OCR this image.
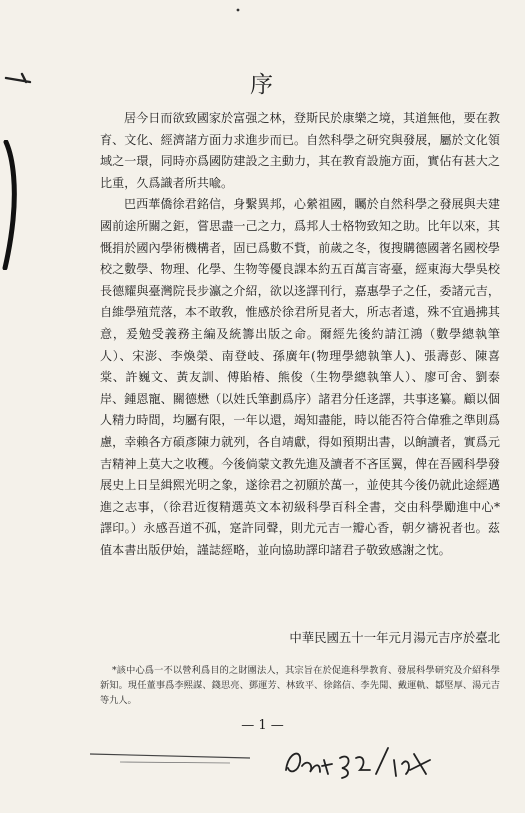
序

居今日而欲致國家於富强之林，登斯民於康樂之境，其道無他，要在教育、文化、經濟諸方面力求進步而已。自然科學之研究與發展，屬於文化領域之一環，同時亦爲國防建設之主動力，其在教育設施方面，實佔有甚大之比重，久爲識者所共喩。

巴西華僑徐君銘信，身繫異邦，心縈祖國，矚於自然科學之發展與夫建國前途所關之鉅，嘗思盡一己之力，爲邦人士格物致知之助。比年以來，其慨捐於國內學術機構者，固已爲數不貲，前歲之冬，復搜購德國著名國校學校之數學、物理、化學、生物等優良課本約五百萬言寄臺，經東海大學吳校長德耀與臺灣院長步瀛之介紹，欲以迻譯刊行，嘉惠學子之任，委諸元吉，自維學殖荒落，本不敢敎，惟感於徐君所見者大，所志者遠，殊不宜過拂其意，爰勉受義務主編及統籌出版之命。爾經先後約請江鴻（數學總執筆人）、宋澎、李煥榮、南登岐、孫廣年(物理學總執筆人)、張壽彭、陳喜棠、許巍文、黃友訓、傅貽椿、熊俊（生物學總執筆人）、廖可舍、劉泰岸、鍾恩寵、關德懋（以姓氏筆劃爲序）諸君分任迻譯，共事迻纂。顧以個人精力時間，均屬有限，一年以還，竭知盡能，時以能否符合偉雅之準則爲慮，幸賴各方碩彥陳力就列，各自靖獻，得如預期出書，以餉讀者，實爲元吉精神上莫大之收穫。今後倘蒙文教先進及讀者不吝匡翼，俾在吾國科學發展史上日呈緝熙光明之象，遂徐君之初願於萬一，並使其今後仍就此途經邁進之志事，（徐君近復精選英文本初級科學百科全書，交由科學勵進中心* 譯印。）永感吾道不孤，寔許同聲，則尤元吉一瓣心香，朝夕禱祝者也。茲值本書出版伊始，謹誌經略，並向協助譯印諸君子敬致感謝之忱。

中華民國五十一年元月湯元吉序於臺北

*該中心爲一不以營利爲目的之財團法人，其宗旨在於促進科學教育、發展科學研究及介紹科學新知。現任董事爲李熙謀、錢思亮、鄧運芳、林致平、徐銘信、李先聞、戴運軌、鄒堅厚、湯元吉等九人。

— 1 —
